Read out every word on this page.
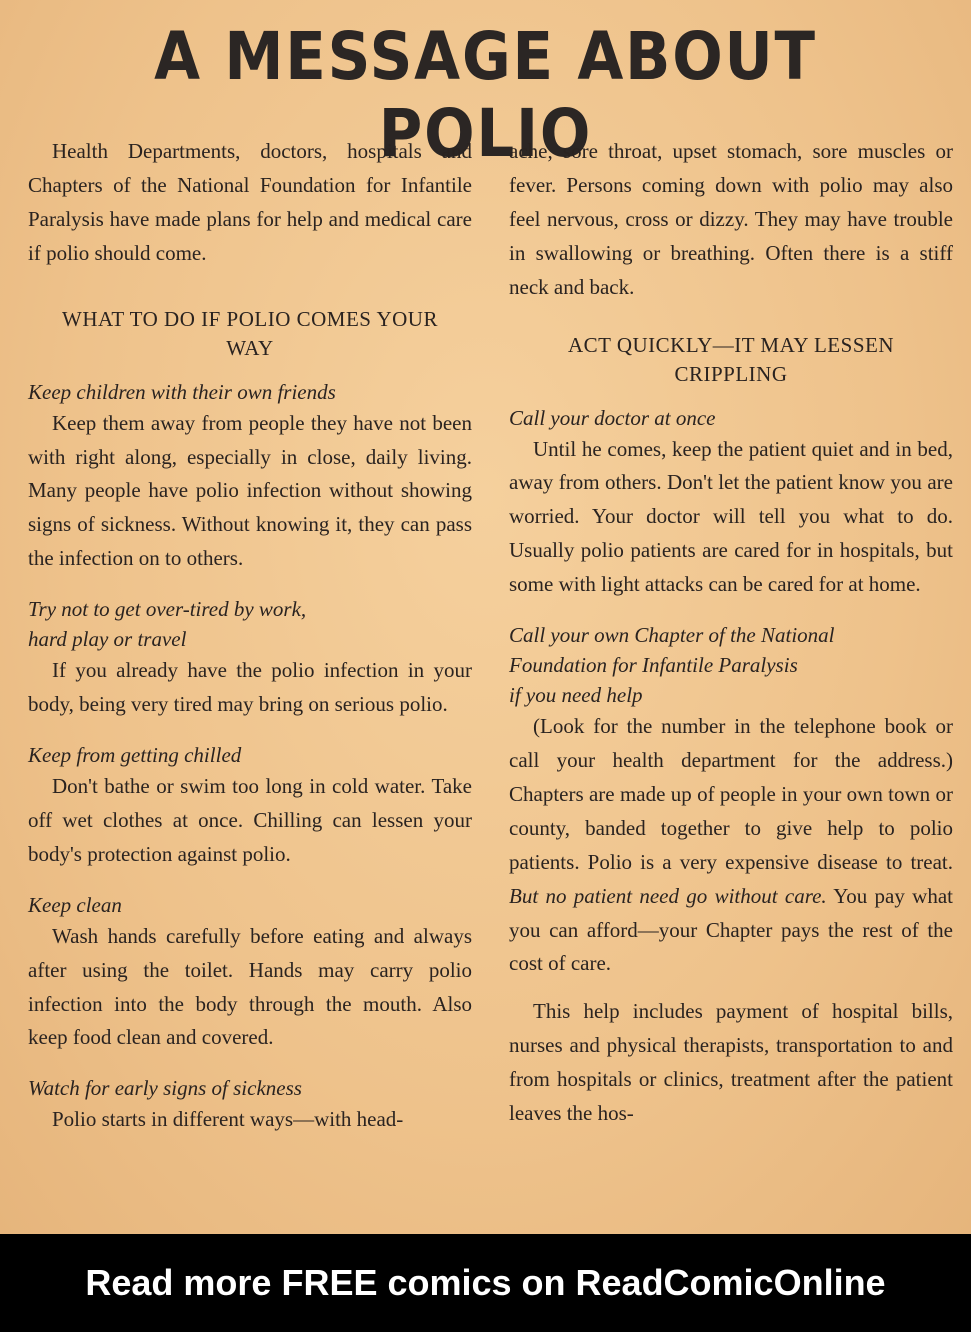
A MESSAGE ABOUT POLIO

Health Departments, doctors, hospitals and Chapters of the National Foundation for Infantile Paralysis have made plans for help and medical care if polio should come.

WHAT TO DO IF POLIO COMES YOUR WAY

Keep children with their own friends

Keep them away from people they have not been with right along, especially in close, daily living. Many people have polio infection without showing signs of sickness. Without knowing it, they can pass the infection on to others.

Try not to get over-tired by work,

hard play or travel

If you already have the polio infection in your body, being very tired may bring on serious polio.

Keep from getting chilled

Don't bathe or swim too long in cold water. Take off wet clothes at once. Chilling can lessen your body's protection against polio.

Keep clean

Wash hands carefully before eating and always after using the toilet. Hands may carry polio infection into the body through the mouth. Also keep food clean and covered.

Watch for early signs of sickness

Polio starts in different ways—with head-

ache, sore throat, upset stomach, sore muscles or fever. Persons coming down with polio may also feel nervous, cross or dizzy. They may have trouble in swallowing or breathing. Often there is a stiff neck and back.

ACT QUICKLY—IT MAY LESSEN CRIPPLING

Call your doctor at once

Until he comes, keep the patient quiet and in bed, away from others. Don't let the patient know you are worried. Your doctor will tell you what to do. Usually polio patients are cared for in hospitals, but some with light attacks can be cared for at home.

Call your own Chapter of the National

Foundation for Infantile Paralysis

if you need help

(Look for the number in the telephone book or call your health department for the address.) Chapters are made up of people in your own town or county, banded together to give help to polio patients. Polio is a very expensive disease to treat. But no patient need go without care. You pay what you can afford—your Chapter pays the rest of the cost of care.

This help includes payment of hospital bills, nurses and physical therapists, transportation to and from hospitals or clinics, treatment after the patient leaves the hos-

Read more FREE comics on ReadComicOnline
